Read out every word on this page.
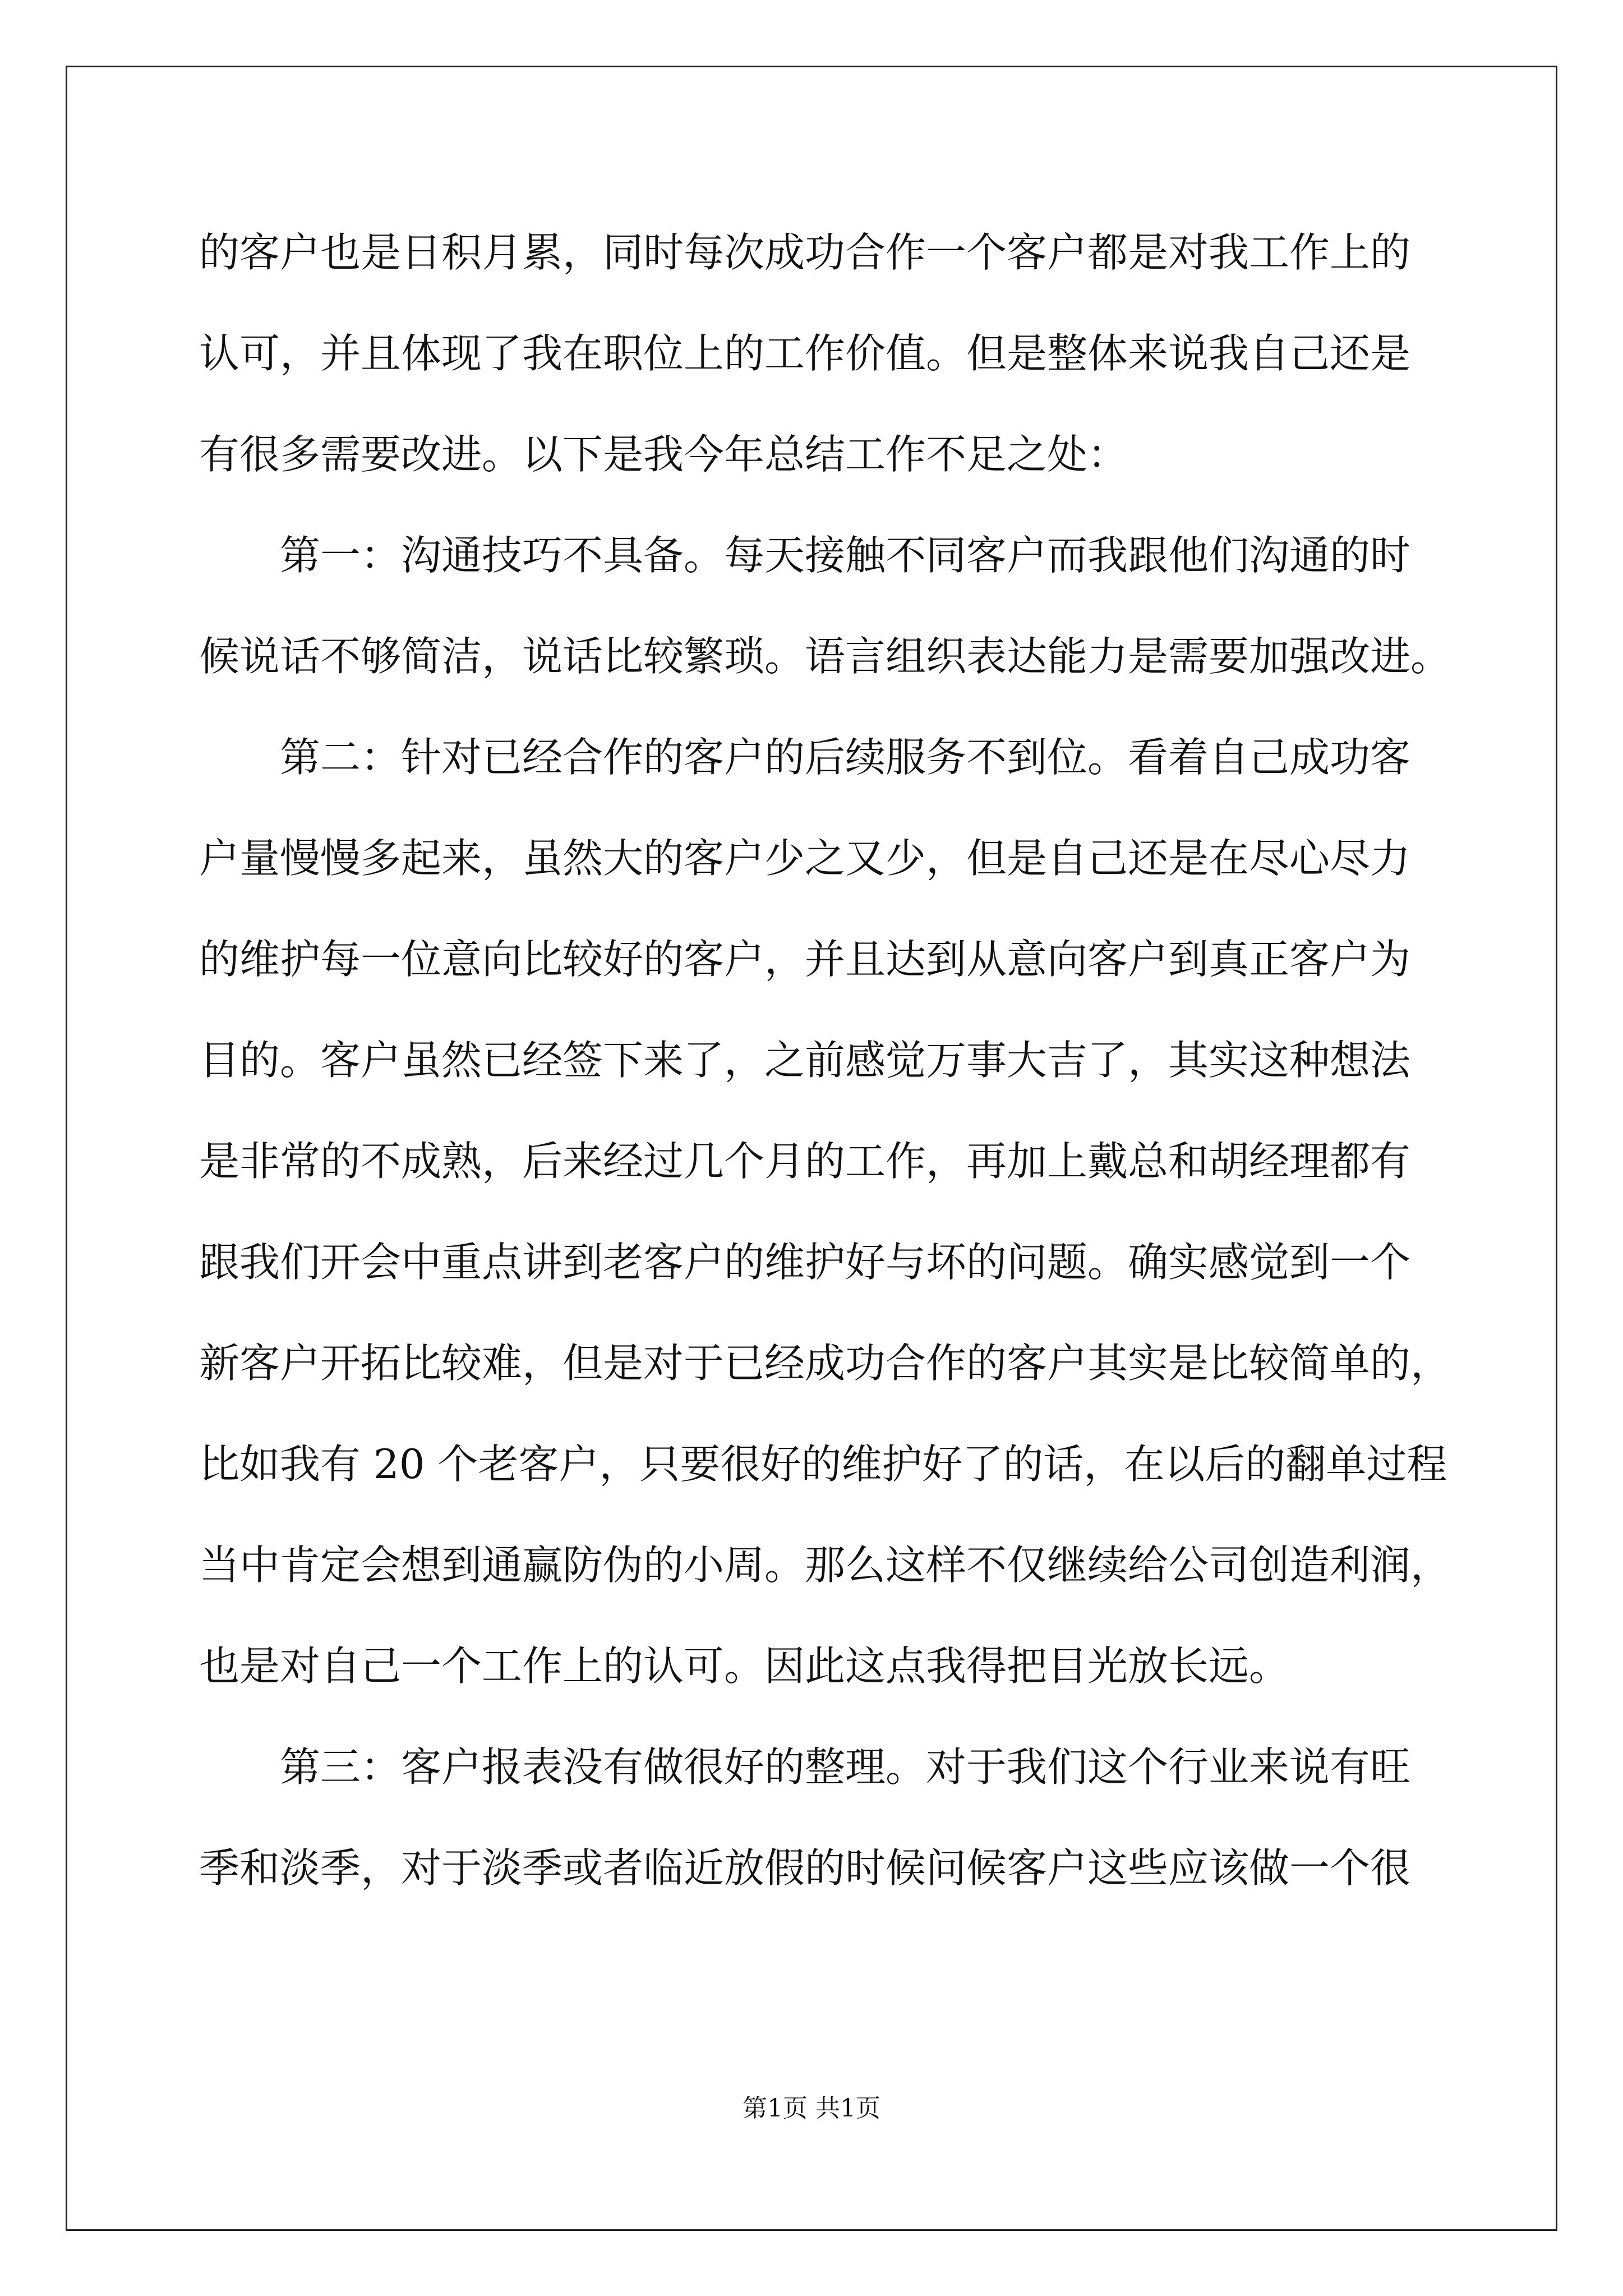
的客户也是日积月累，同时每次成功合作一个客户都是对我工作上的
认可，并且体现了我在职位上的工作价值。但是整体来说我自己还是
有很多需要改进。以下是我今年总结工作不足之处：
第一：沟通技巧不具备。每天接触不同客户而我跟他们沟通的时
候说话不够简洁，说话比较繁琐。语言组织表达能力是需要加强改进。
第二：针对已经合作的客户的后续服务不到位。看着自己成功客
户量慢慢多起来，虽然大的客户少之又少，但是自己还是在尽心尽力
的维护每一位意向比较好的客户，并且达到从意向客户到真正客户为
目的。客户虽然已经签下来了，之前感觉万事大吉了，其实这种想法
是非常的不成熟，后来经过几个月的工作，再加上戴总和胡经理都有
跟我们开会中重点讲到老客户的维护好与坏的问题。确实感觉到一个
新客户开拓比较难，但是对于已经成功合作的客户其实是比较简单的，
比如我有 20 个老客户，只要很好的维护好了的话，在以后的翻单过程
当中肯定会想到通赢防伪的小周。那么这样不仅继续给公司创造利润，
也是对自己一个工作上的认可。因此这点我得把目光放长远。
第三：客户报表没有做很好的整理。对于我们这个行业来说有旺
季和淡季，对于淡季或者临近放假的时候问候客户这些应该做一个很
第1页 共1页
